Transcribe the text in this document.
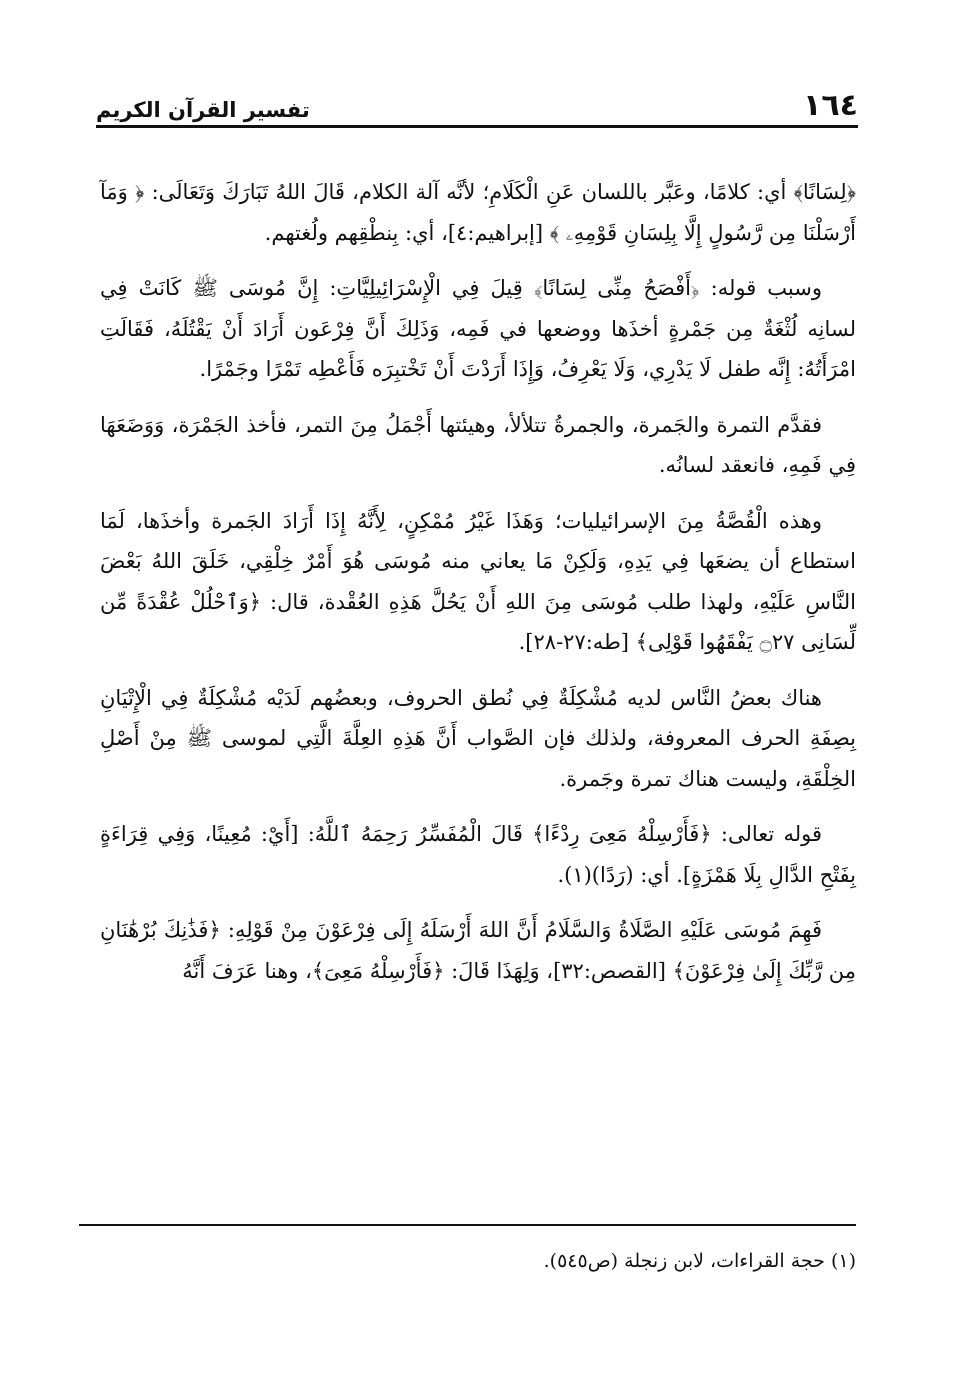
١٦٤
تفسير القرآن الكريم

﴿لِسَانًا﴾ أي: كلامًا، وعَبَّر باللسان عَنِ الْكَلَامِ؛ لأنَّه آلة الكلام، قَالَ اللهُ تَبَارَكَ وَتَعَالَى: ﴿ وَمَآ أَرْسَلْنَا مِن رَّسُولٍ إِلَّا بِلِسَانِ قَوْمِهِۦ ﴾ [إبراهيم:٤]، أي: بِنطْقِهم ولُغتهم.

وسبب قوله: ﴿أَفْصَحُ مِنِّى لِسَانًا﴾ قِيلَ فِي الْإِسْرَائِيلِيَّاتِ: إِنَّ مُوسَى ﷺ كَانَتْ فِي لسانِه لُثْغَةٌ مِن جَمْرةٍ أخذَها ووضعها في فَمِه، وَذَلِكَ أَنَّ فِرْعَون أَرَادَ أَنْ يَقْتُلَهُ، فَقَالَتِ امْرَأَتُهُ: إِنَّه طفل لَا يَدْرِي، وَلَا يَعْرِفُ، وَإِذَا أَرَدْتَ أَنْ تَخْتبِرَه فَأَعْطِه تَمْرًا وجَمْرًا.

فقدَّم التمرة والجَمرة، والجمرةُ تتلألأ، وهيئتها أَجْمَلُ مِنَ التمر، فأخذ الجَمْرَة، وَوَضَعَهَا فِي فَمِهِ، فانعقد لسانُه.

وهذه الْقُصَّةُ مِنَ الإسرائيليات؛ وَهَذَا غَيْرُ مُمْكِنٍ، لِأَنَّهُ إِذَا أَرَادَ الجَمرة وأخذَها، لَمَا استطاع أن يضعَها فِي يَدِهِ، وَلَكِنْ مَا يعاني منه مُوسَى هُوَ أَمْرٌ خِلْقِي، خَلَقَ اللهُ بَعْضَ النَّاسِ عَلَيْهِ، ولهذا طلب مُوسَى مِنَ اللهِ أَنْ يَحُلَّ هَذِهِ العُقْدة، قال: ﴿وَٱحْلُلْ عُقْدَةً مِّن لِّسَانِى ۝٢٧ يَفْقَهُوا قَوْلِى﴾ [طه:٢٧-٢٨].

هناك بعضُ النَّاس لديه مُشْكِلَةٌ فِي نُطق الحروف، وبعضُهم لَدَيْه مُشْكِلَةٌ فِي الْإِتْيَانِ بِصِفَةِ الحرف المعروفة، ولذلك فإن الصَّواب أَنَّ هَذِهِ العِلَّةَ الَّتِي لموسى ﷺ مِنْ أَصْلِ الخِلْقَةِ، وليست هناك تمرة وجَمرة.

قوله تعالى: ﴿فَأَرْسِلْهُ مَعِىَ رِدْءًا﴾ قَالَ الْمُفَسِّرُ رَحِمَهُ ٱللَّهُ: [أَيْ: مُعِينًا، وَفِي قِرَاءَةٍ بِفَتْحِ الدَّالِ بِلَا هَمْزَةٍ]. أي: (رَدًا)(١).

فَهِمَ مُوسَى عَلَيْهِ الصَّلَاةُ وَالسَّلَامُ أَنَّ اللهَ أَرْسَلَهُ إِلَى فِرْعَوْنَ مِنْ قَوْلِهِ: ﴿فَذَٰنِكَ بُرْهَٰنَانِ مِن رَّبِّكَ إِلَىٰ فِرْعَوْنَ﴾ [القصص:٣٢]، وَلِهَذَا قَالَ: ﴿فَأَرْسِلْهُ مَعِىَ﴾، وهنا عَرَفَ أَنَّهُ

(١) حجة القراءات، لابن زنجلة (ص٥٤٥).
